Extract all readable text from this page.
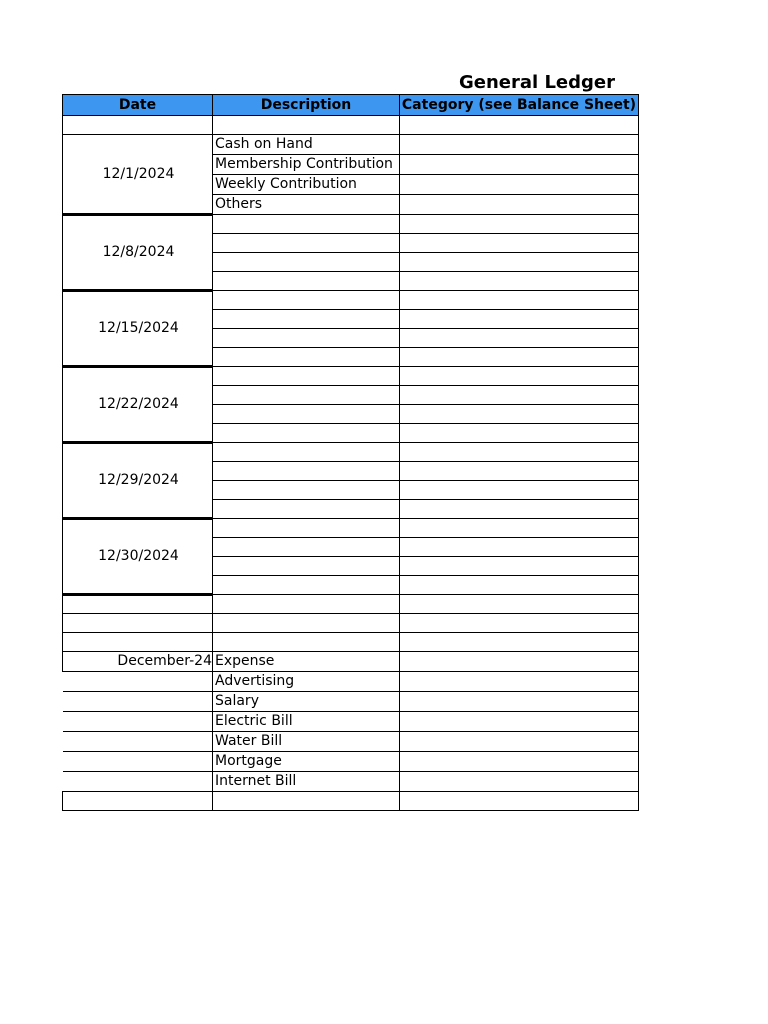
General Ledger
Date	Description	Category (see Balance Sheet)

12/1/2024	Cash on Hand	
	Membership Contribution	
	Weekly Contribution	
	Others	
12/8/2024		

12/15/2024		

12/22/2024		

12/29/2024		

12/30/2024		

December-24	Expense	
	Advertising	
	Salary	
	Electric Bill	
	Water Bill	
	Mortgage	
	Internet Bill	
